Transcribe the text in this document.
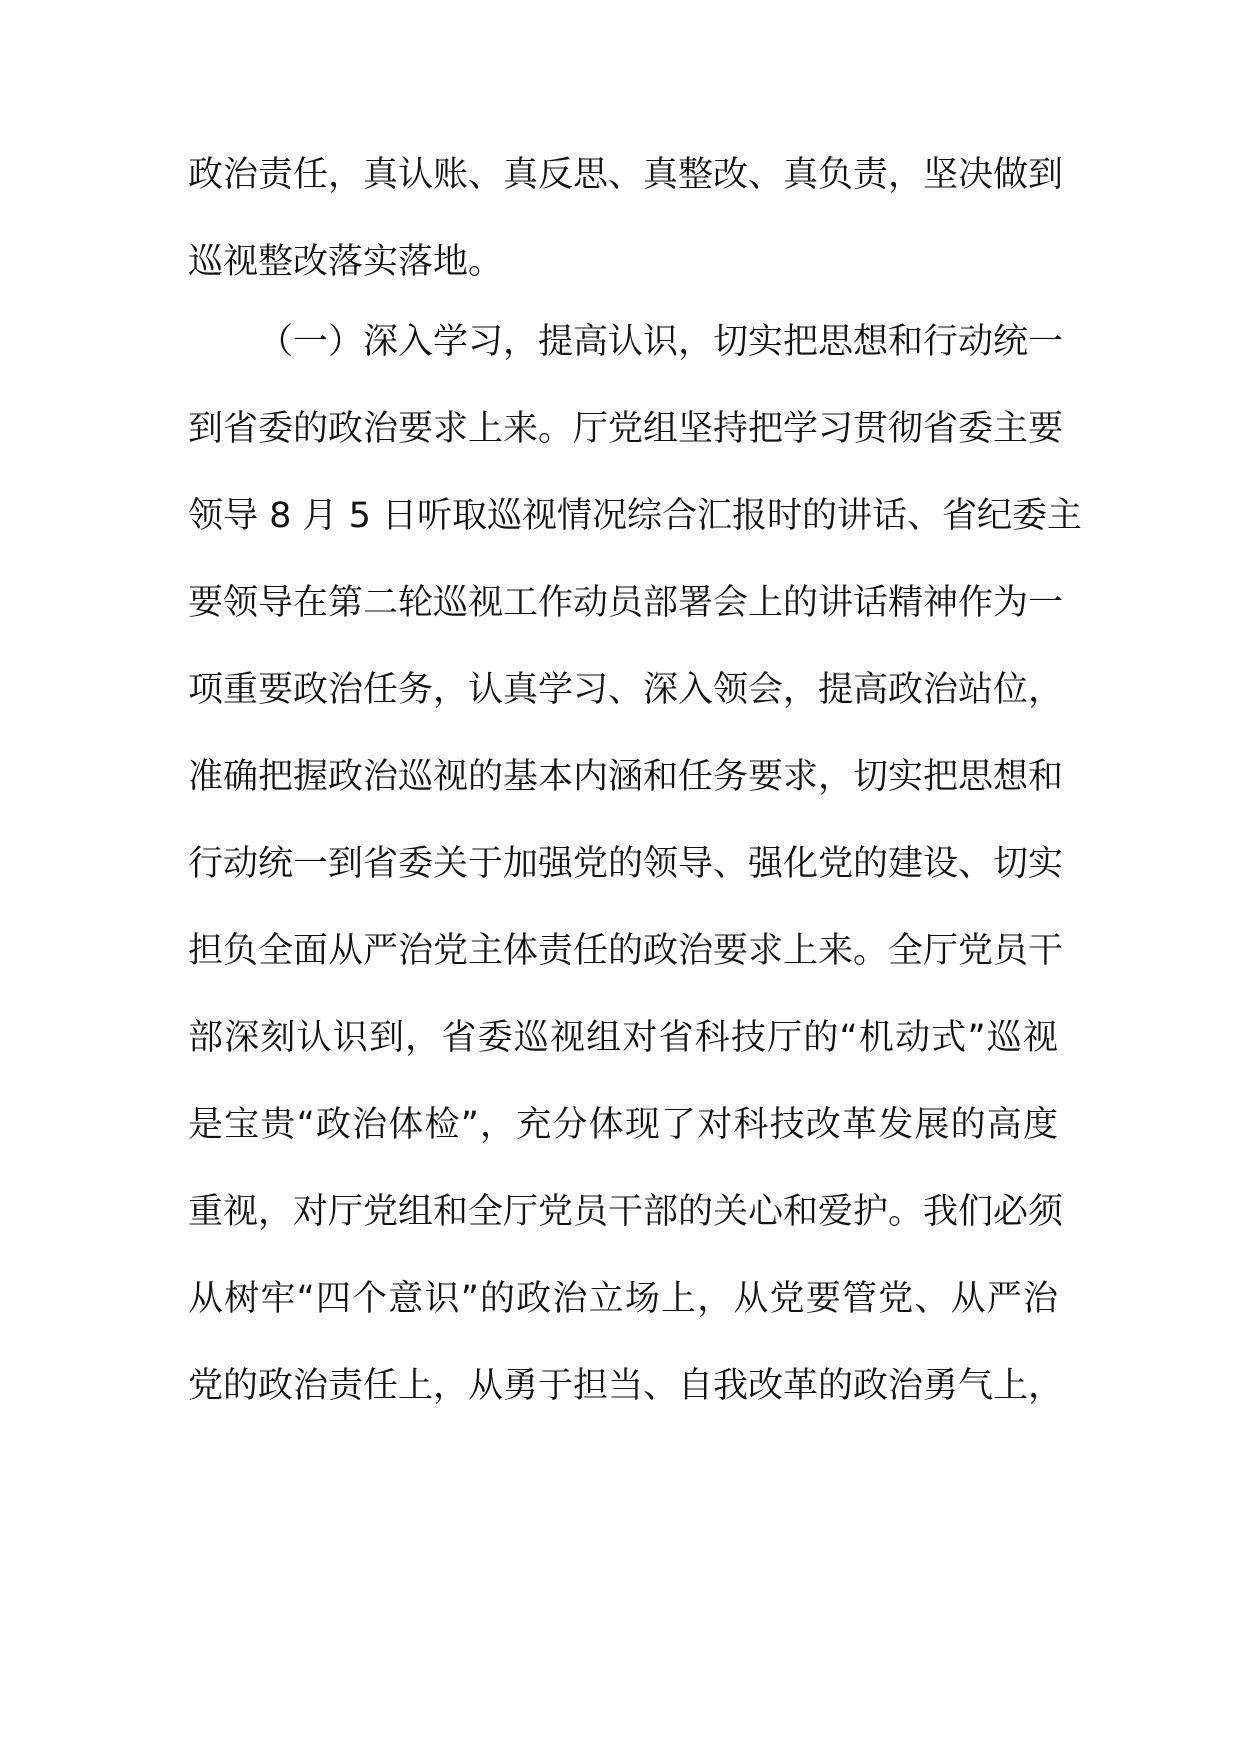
政治责任，真认账、真反思、真整改、真负责，坚决做到
巡视整改落实落地。
（一）深入学习，提高认识，切实把思想和行动统一
到省委的政治要求上来。厅党组坚持把学习贯彻省委主要
领导 8 月 5 日听取巡视情况综合汇报时的讲话、省纪委主
要领导在第二轮巡视工作动员部署会上的讲话精神作为一
项重要政治任务，认真学习、深入领会，提高政治站位，
准确把握政治巡视的基本内涵和任务要求，切实把思想和
行动统一到省委关于加强党的领导、强化党的建设、切实
担负全面从严治党主体责任的政治要求上来。全厅党员干
部深刻认识到，省委巡视组对省科技厅的“机动式”巡视
是宝贵“政治体检”，充分体现了对科技改革发展的高度
重视，对厅党组和全厅党员干部的关心和爱护。我们必须
从树牢“四个意识”的政治立场上，从党要管党、从严治
党的政治责任上，从勇于担当、自我改革的政治勇气上，
